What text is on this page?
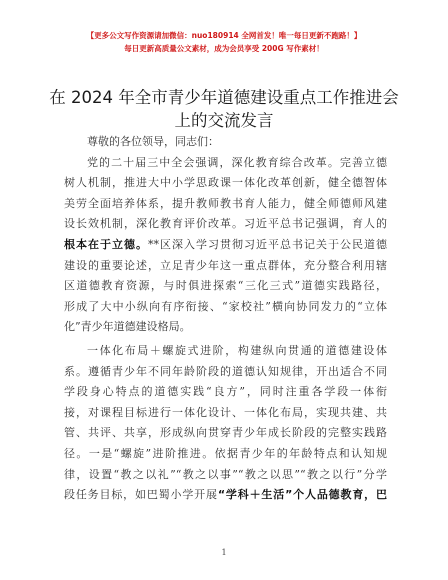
【更多公文写作资源请加微信：nuo180914 全网首发！唯一每日更新不跑路！】
每日更新高质量公文素材，成为会员享受 200G 写作素材！
在 2024 年全市青少年道德建设重点工作推进会
上的交流发言

尊敬的各位领导，同志们：

党的二十届三中全会强调，深化教育综合改革。完善立德
树人机制，推进大中小学思政课一体化改革创新，健全德智体
美劳全面培养体系，提升教师教书育人能力，健全师德师风建
设长效机制，深化教育评价改革。习近平总书记强调，育人的
根本在于立德。**区深入学习贯彻习近平总书记关于公民道德
建设的重要论述，立足青少年这一重点群体，充分整合利用辖
区道德教育资源，与时俱进探索“三化三式”道德实践路径，
形成了大中小纵向有序衔接、“家校社”横向协同发力的“立体
化”青少年道德建设格局。
一体化布局＋螺旋式进阶，构建纵向贯通的道德建设体
系。遵循青少年不同年龄阶段的道德认知规律，开出适合不同
学段身心特点的道德实践“良方”，同时注重各学段一体衔
接，对课程目标进行一体化设计、一体化布局，实现共建、共
管、共评、共享，形成纵向贯穿青少年成长阶段的完整实践路
径。一是“螺旋”进阶推进。依据青少年的年龄特点和认知规
律，设置“教之以礼”“教之以事”“教之以思”“教之以行”分学
段任务目标，如巴蜀小学开展“学科＋生活”个人品德教育，巴
1
